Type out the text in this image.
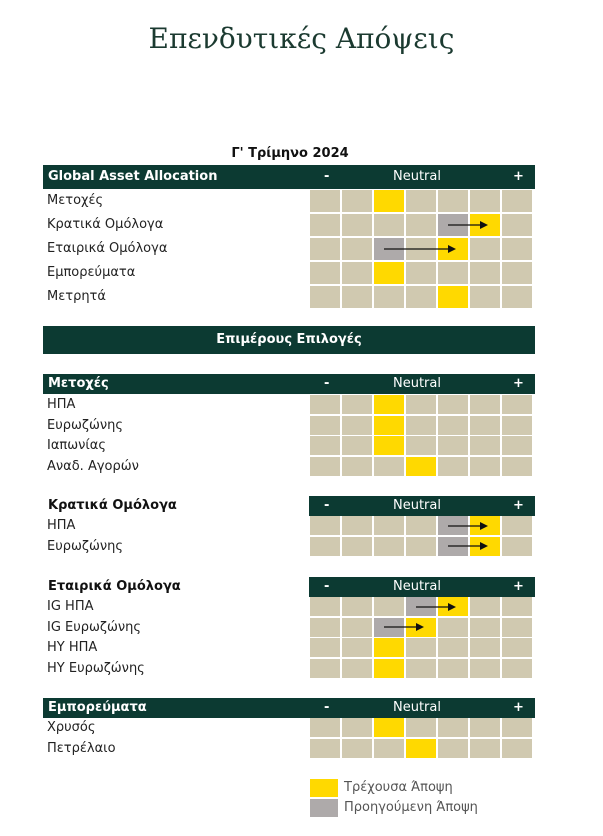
Επενδυτικές Απόψεις
Γ' Τρίμηνο 2024
Global Asset Allocation	-	Neutral	+
Μετοχές
Κρατικά Ομόλογα
Εταιρικά Ομόλογα
Εμπορεύματα
Μετρητά
Επιμέρους Επιλογές
Μετοχές	-	Neutral	+
ΗΠΑ
Ευρωζώνης
Ιαπωνίας
Αναδ. Αγορών
Κρατικά Ομόλογα	-	Neutral	+
ΗΠΑ
Ευρωζώνης
Εταιρικά Ομόλογα	-	Neutral	+
IG ΗΠΑ
IG Ευρωζώνης
HY ΗΠΑ
HY Ευρωζώνης
Εμπορεύματα	-	Neutral	+
Χρυσός
Πετρέλαιο
Τρέχουσα Άποψη
Προηγούμενη Άποψη
